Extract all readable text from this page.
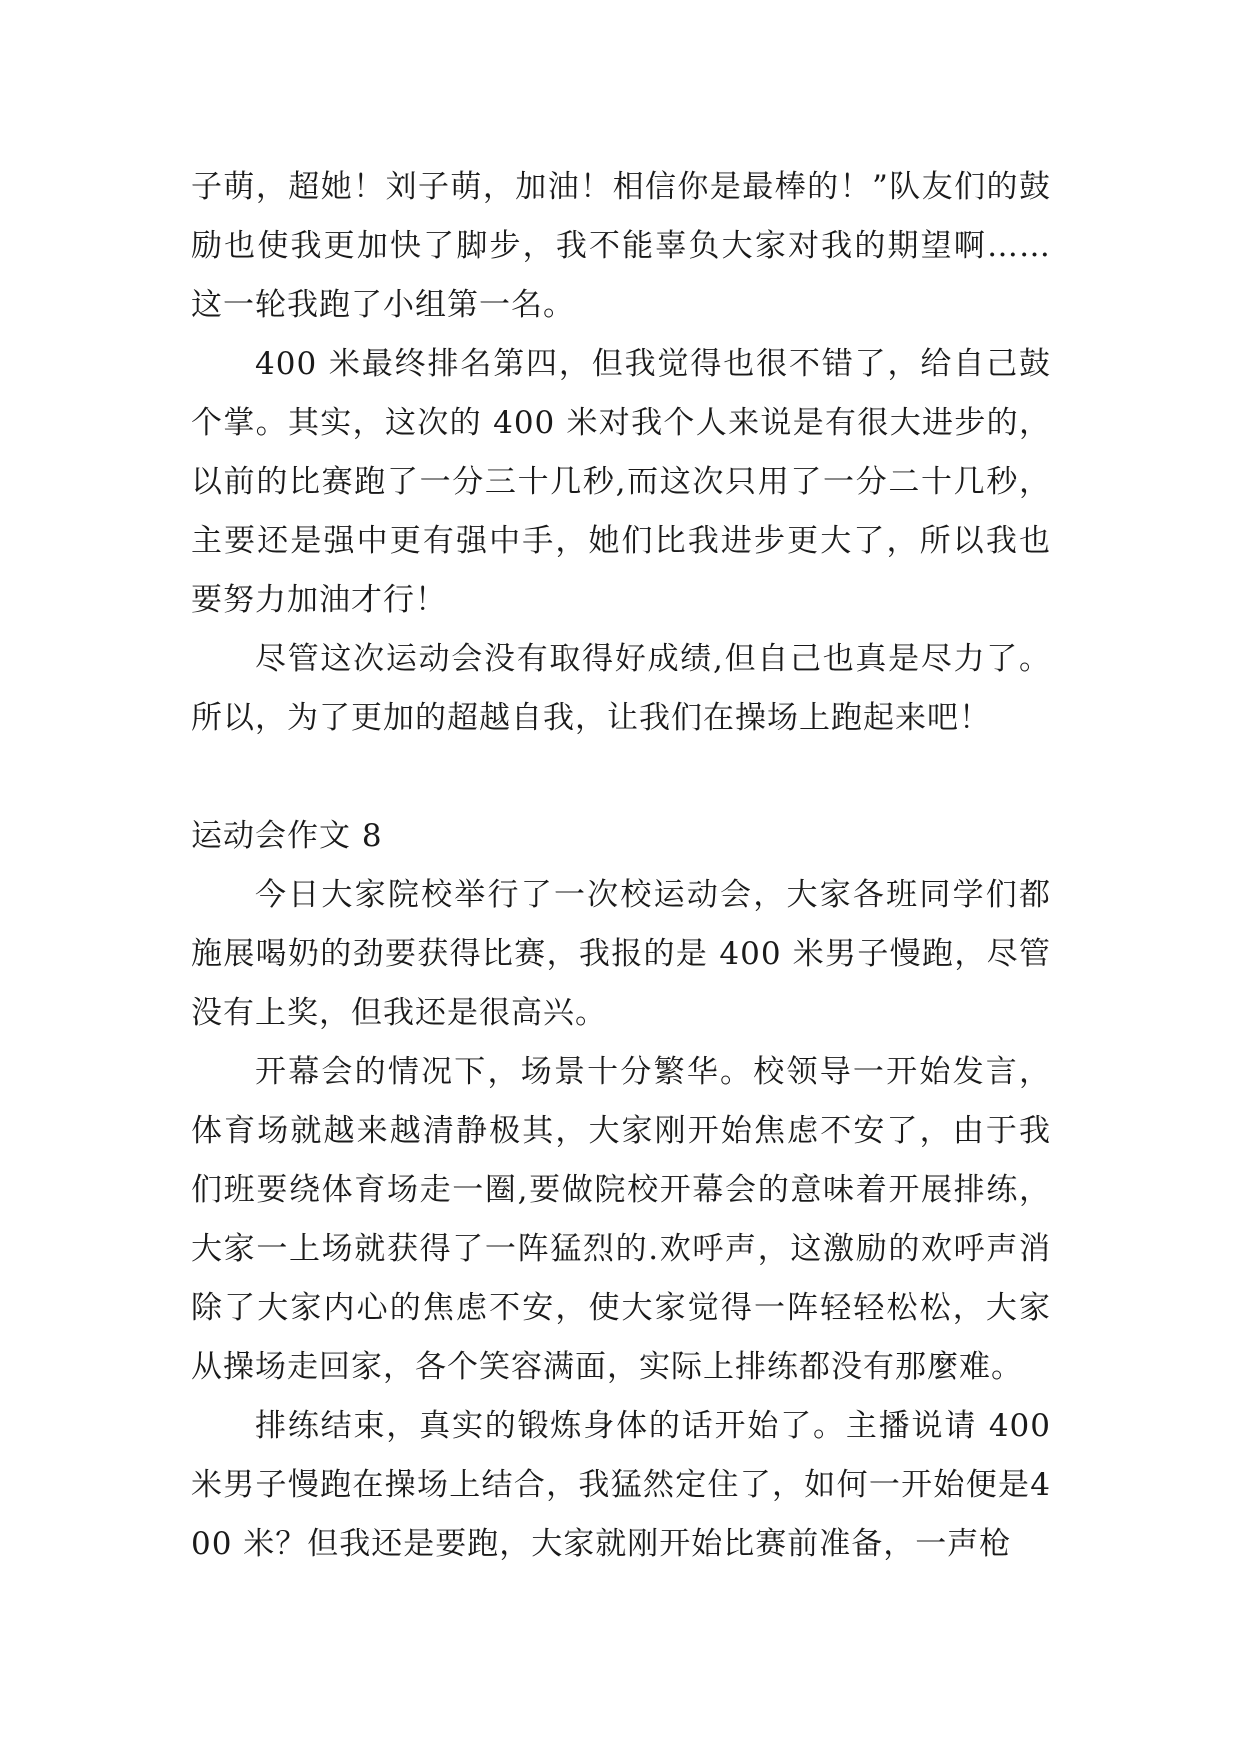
子萌，超她！刘子萌，加油！相信你是最棒的！”队友们的鼓励也使我更加快了脚步，我不能辜负大家对我的期望啊……这一轮我跑了小组第一名。

400 米最终排名第四，但我觉得也很不错了，给自己鼓个掌。其实，这次的 400 米对我个人来说是有很大进步的，以前的比赛跑了一分三十几秒,而这次只用了一分二十几秒，主要还是强中更有强中手，她们比我进步更大了，所以我也要努力加油才行！

尽管这次运动会没有取得好成绩,但自己也真是尽力了。所以，为了更加的超越自我，让我们在操场上跑起来吧！

运动会作文 8

今日大家院校举行了一次校运动会，大家各班同学们都施展喝奶的劲要获得比赛，我报的是 400 米男子慢跑，尽管没有上奖，但我还是很高兴。

开幕会的情况下，场景十分繁华。校领导一开始发言，体育场就越来越清静极其，大家刚开始焦虑不安了，由于我们班要绕体育场走一圈,要做院校开幕会的意味着开展排练，大家一上场就获得了一阵猛烈的.欢呼声，这激励的欢呼声消除了大家内心的焦虑不安，使大家觉得一阵轻轻松松，大家从操场走回家，各个笑容满面，实际上排练都没有那麼难。

排练结束，真实的锻炼身体的话开始了。主播说请 400米男子慢跑在操场上结合，我猛然定住了，如何一开始便是400 米？但我还是要跑，大家就刚开始比赛前准备，一声枪
